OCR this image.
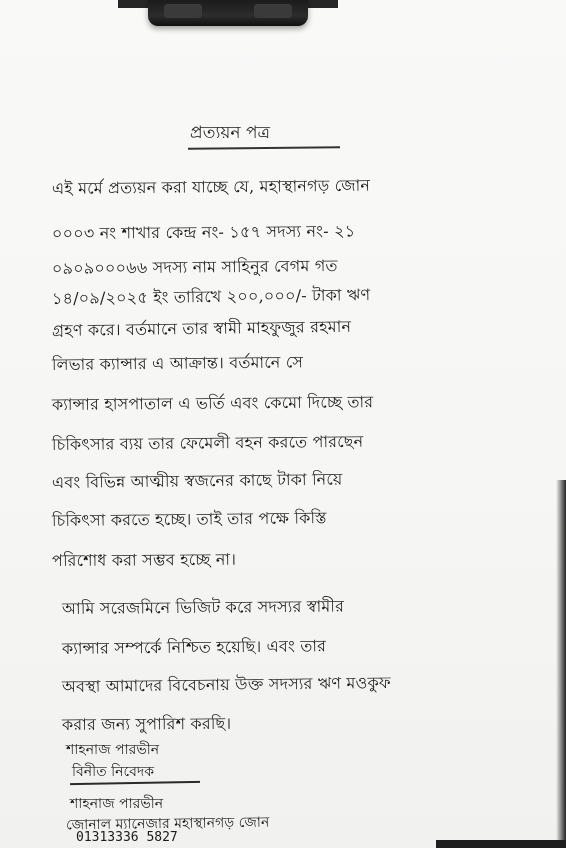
প্রত্যয়ন পত্র
এই মর্মে প্রত্যয়ন করা যাচ্ছে যে, মহাস্থানগড় জোন
০০০৩ নং শাখার কেন্দ্র নং- ১৫৭ সদস্য নং- ২১
০৯০৯০০০৬৬ সদস্য নাম সাহিনুর বেগম গত
১৪/০৯/২০২৫ ইং তারিখে ২০০,০০০/- টাকা ঋণ
গ্রহণ করে। বর্তমানে তার স্বামী মাহফুজুর রহমান
লিভার ক্যান্সার এ আক্রান্ত। বর্তমানে সে
ক্যান্সার হাসপাতাল এ ভর্তি এবং কেমো দিচ্ছে তার
চিকিৎসার ব্যয় তার ফেমেলী বহন করতে পারছেন
এবং বিভিন্ন আত্মীয় স্বজনের কাছে টাকা নিয়ে
চিকিৎসা করতে হচ্ছে। তাই তার পক্ষে কিস্তি
পরিশোধ করা সম্ভব হচ্ছে না।
আমি সরেজমিনে ভিজিট করে সদস্যর স্বামীর
ক্যান্সার সম্পর্কে নিশ্চিত হয়েছি। এবং তার
অবস্থা আমাদের বিবেচনায় উক্ত সদস্যর ঋণ মওকুফ
করার জন্য সুপারিশ করছি।
শাহনাজ পারভীন
বিনীত নিবেদক
শাহনাজ পারভীন
জোনাল ম্যানেজার মহাস্থানগড় জোন
01313336 5827
